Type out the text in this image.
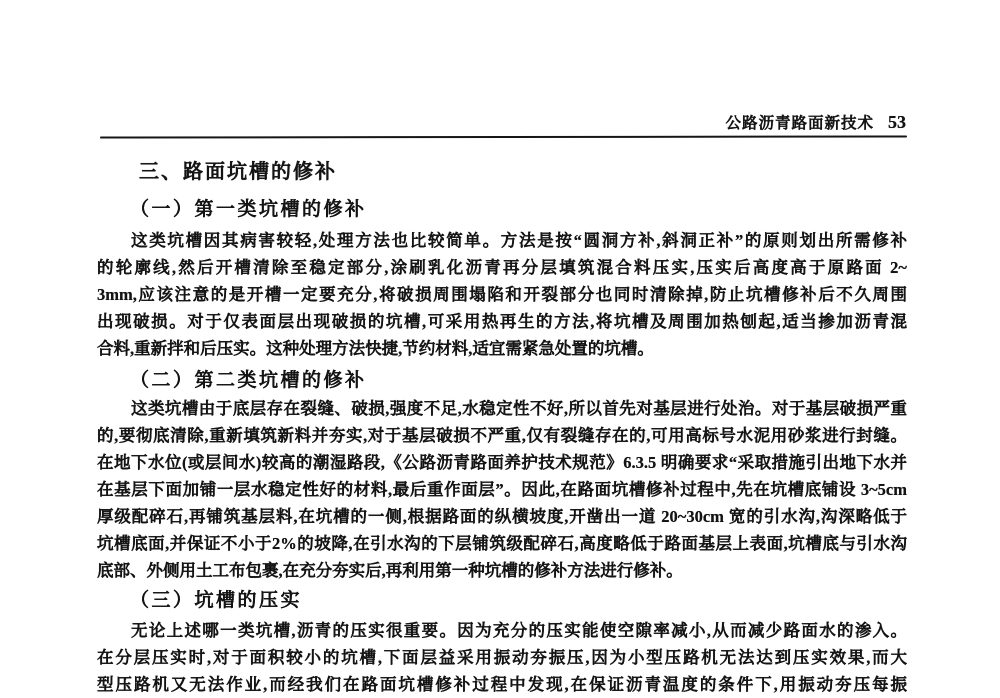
公路沥青路面新技术 53
三、路面坑槽的修补
（一）第一类坑槽的修补
这类坑槽因其病害较轻,处理方法也比较简单。方法是按“圆洞方补,斜洞正补”的原则划出所需修补
的轮廓线,然后开槽清除至稳定部分,涂刷乳化沥青再分层填筑混合料压实,压实后高度高于原路面 2~
3mm,应该注意的是开槽一定要充分,将破损周围塌陷和开裂部分也同时清除掉,防止坑槽修补后不久周围
出现破损。对于仅表面层出现破损的坑槽,可采用热再生的方法,将坑槽及周围加热刨起,适当掺加沥青混
合料,重新拌和后压实。这种处理方法快捷,节约材料,适宜需紧急处置的坑槽。
（二）第二类坑槽的修补
这类坑槽由于底层存在裂缝、破损,强度不足,水稳定性不好,所以首先对基层进行处治。对于基层破损严重
的,要彻底清除,重新填筑新料并夯实,对于基层破损不严重,仅有裂缝存在的,可用高标号水泥用砂浆进行封缝。
在地下水位(或层间水)较高的潮湿路段,《公路沥青路面养护技术规范》6.3.5 明确要求“采取措施引出地下水并
在基层下面加铺一层水稳定性好的材料,最后重作面层”。因此,在路面坑槽修补过程中,先在坑槽底铺设 3~5cm
厚级配碎石,再铺筑基层料,在坑槽的一侧,根据路面的纵横坡度,开凿出一道 20~30cm 宽的引水沟,沟深略低于
坑槽底面,并保证不小于2%的坡降,在引水沟的下层铺筑级配碎石,高度略低于路面基层上表面,坑槽底与引水沟
底部、外侧用土工布包裹,在充分夯实后,再利用第一种坑槽的修补方法进行修补。
（三）坑槽的压实
无论上述哪一类坑槽,沥青的压实很重要。因为充分的压实能使空隙率减小,从而减少路面水的渗入。
在分层压实时,对于面积较小的坑槽,下面层益采用振动夯振压,因为小型压路机无法达到压实效果,而大
型压路机又无法作业,而经我们在路面坑槽修补过程中发现,在保证沥青温度的条件下,用振动夯压每振
